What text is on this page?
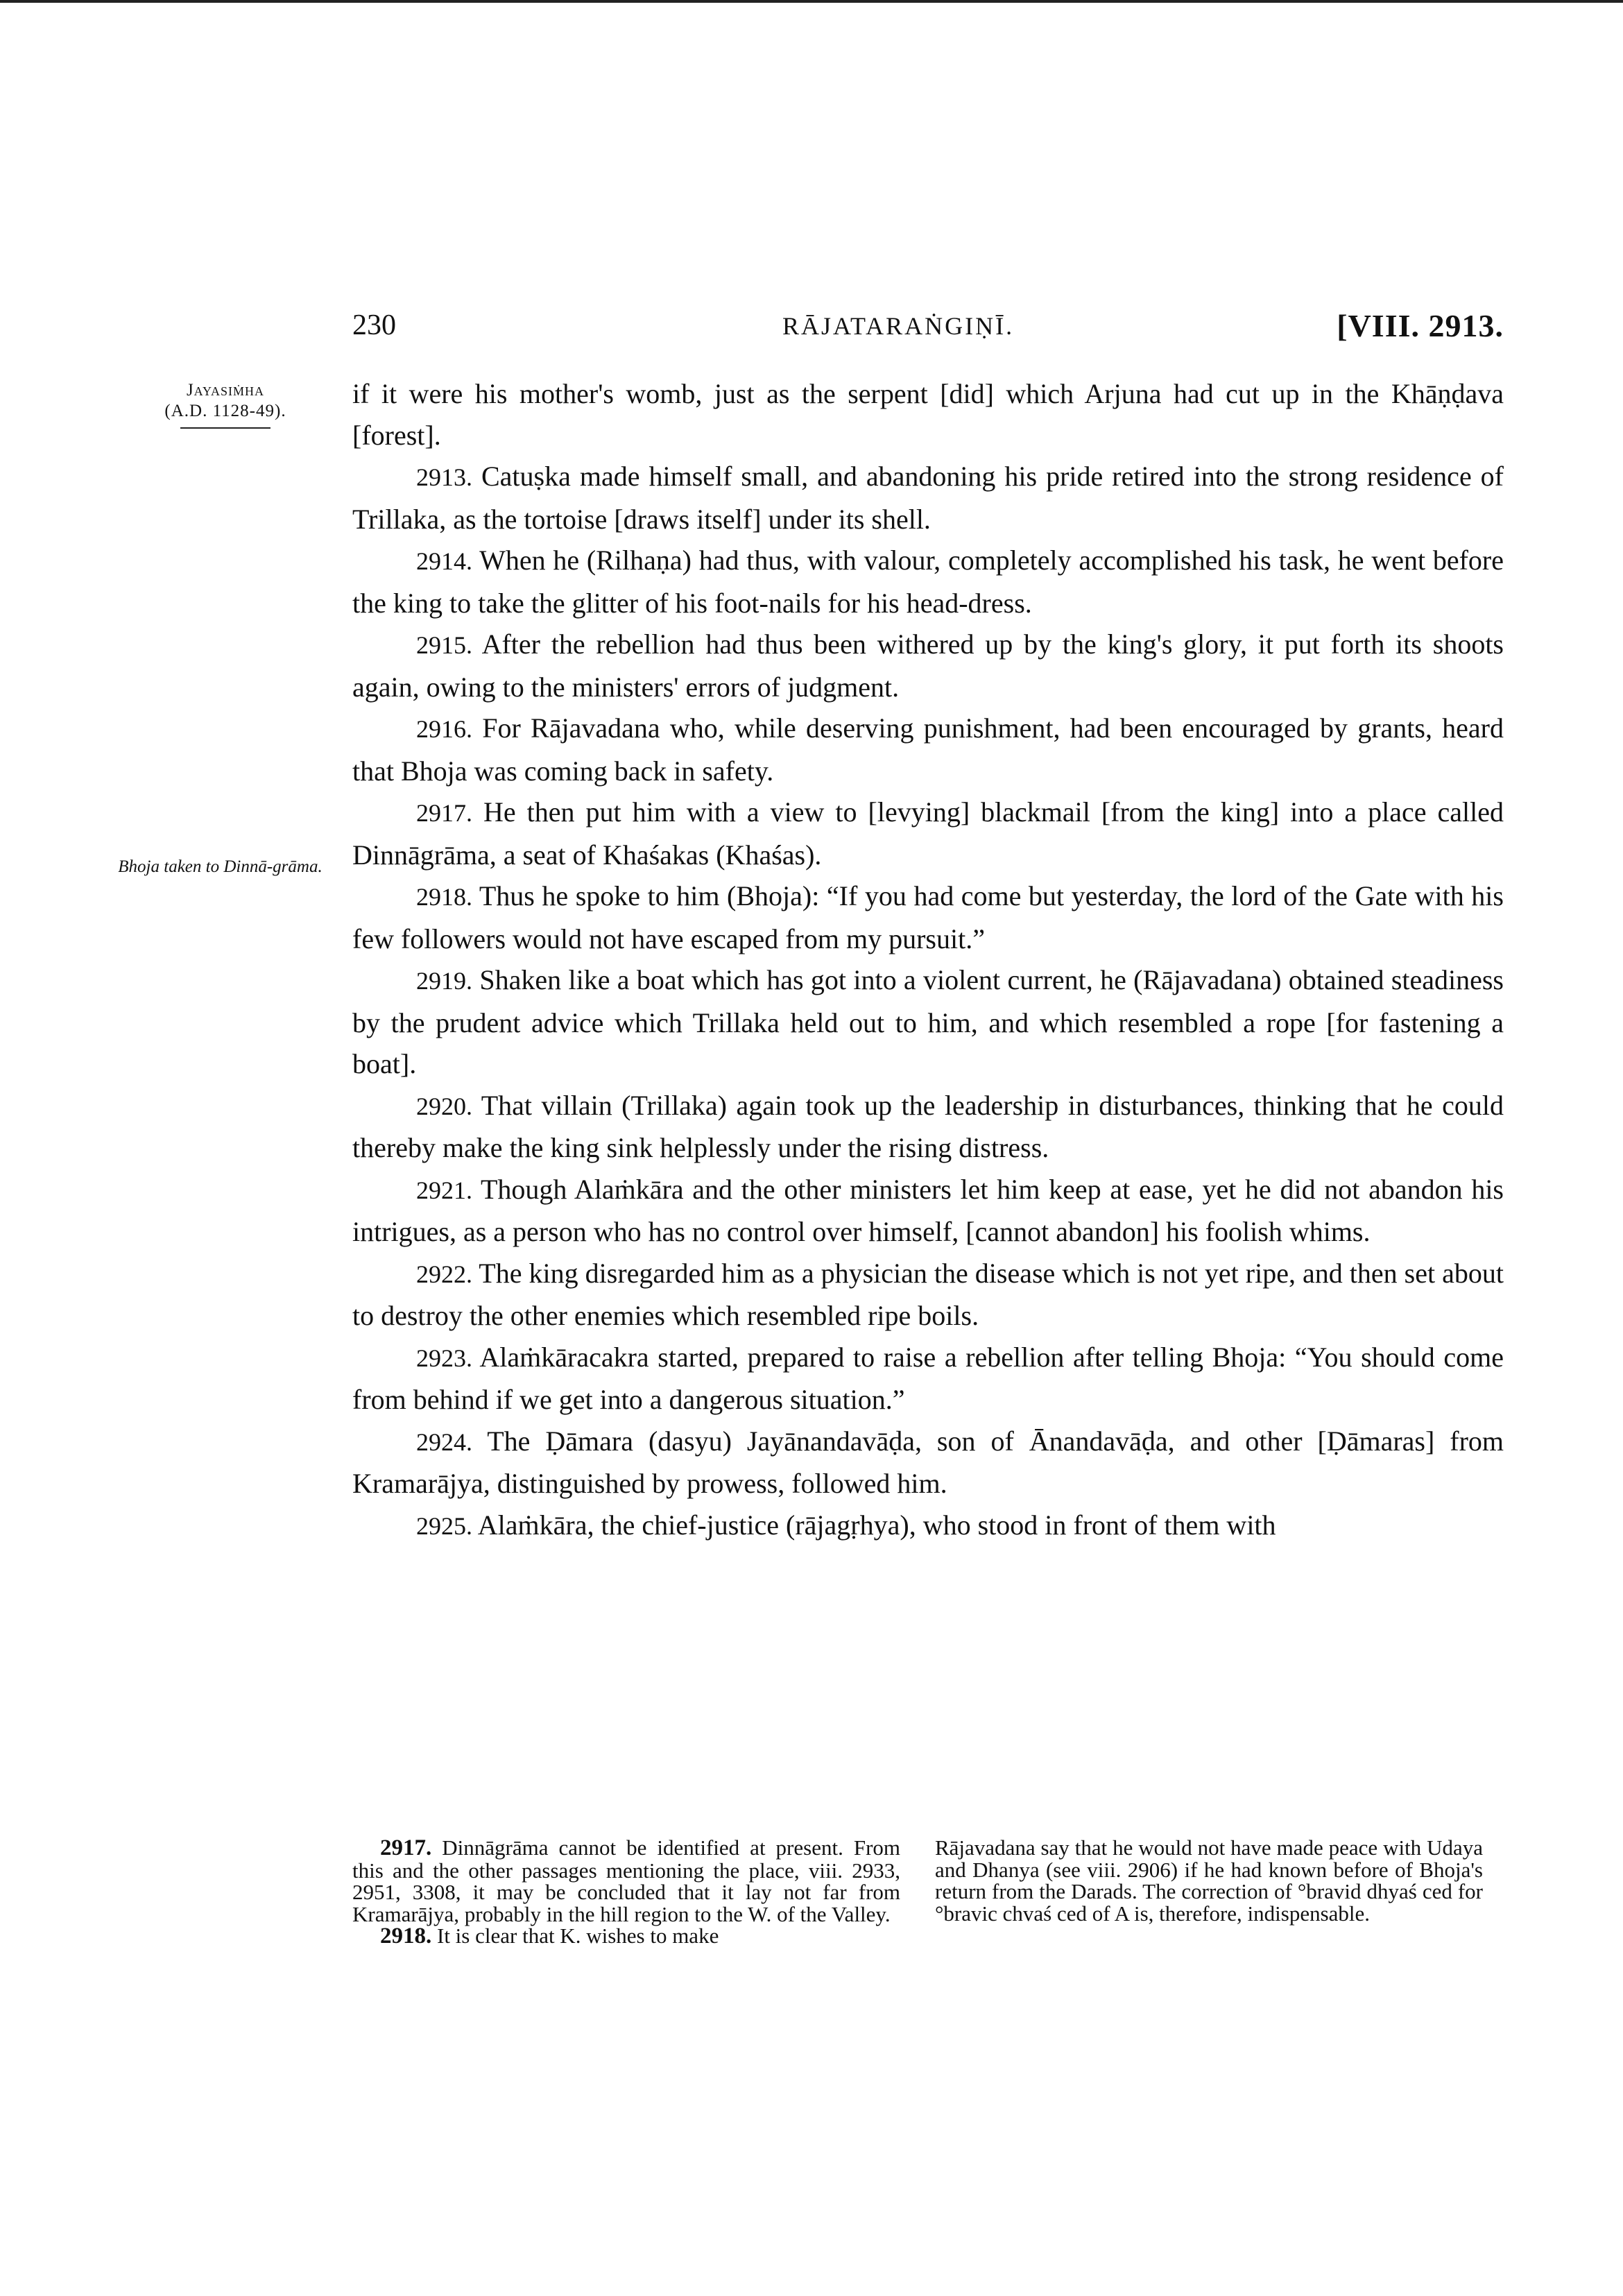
230	RĀJATARAṄGIṆĪ.	[VIII. 2913.
Jayasiṁha
(A.D. 1128-49).
Bhoja taken to Dinnā-grāma.

if it were his mother's womb, just as the serpent [did] which Arjuna had cut up in the Khāṇḍava [forest].

2913. Catuṣka made himself small, and abandoning his pride retired into the strong residence of Trillaka, as the tortoise [draws itself] under its shell.

2914. When he (Rilhaṇa) had thus, with valour, completely accomplished his task, he went before the king to take the glitter of his foot-nails for his head-dress.

2915. After the rebellion had thus been withered up by the king's glory, it put forth its shoots again, owing to the ministers' errors of judgment.

2916. For Rājavadana who, while deserving punishment, had been encouraged by grants, heard that Bhoja was coming back in safety.

2917. He then put him with a view to [levying] blackmail [from the king] into a place called Dinnāgrāma, a seat of Khaśakas (Khaśas).

2918. Thus he spoke to him (Bhoja): “If you had come but yesterday, the lord of the Gate with his few followers would not have escaped from my pursuit.”

2919. Shaken like a boat which has got into a violent current, he (Rājavadana) obtained steadiness by the prudent advice which Trillaka held out to him, and which resembled a rope [for fastening a boat].

2920. That villain (Trillaka) again took up the leadership in disturbances, thinking that he could thereby make the king sink helplessly under the rising distress.

2921. Though Alaṁkāra and the other ministers let him keep at ease, yet he did not abandon his intrigues, as a person who has no control over himself, [cannot abandon] his foolish whims.

2922. The king disregarded him as a physician the disease which is not yet ripe, and then set about to destroy the other enemies which resembled ripe boils.

2923. Alaṁkāracakra started, prepared to raise a rebellion after telling Bhoja: “You should come from behind if we get into a dangerous situation.”

2924. The Ḍāmara (dasyu) Jayānandavāḍa, son of Ānandavāḍa, and other [Ḍāmaras] from Kramarājya, distinguished by prowess, followed him.

2925. Alaṁkāra, the chief-justice (rājagṛhya), who stood in front of them with

2917. Dinnāgrāma cannot be identified at present. From this and the other passages mentioning the place, viii. 2933, 2951, 3308, it may be concluded that it lay not far from Kramarājya, probably in the hill region to the W. of the Valley.

2918. It is clear that K. wishes to make

Rājavadana say that he would not have made peace with Udaya and Dhanya (see viii. 2906) if he had known before of Bhoja's return from the Darads. The correction of °bravid dhyaś ced for °bravic chvaś ced of A is, therefore, indispensable.
